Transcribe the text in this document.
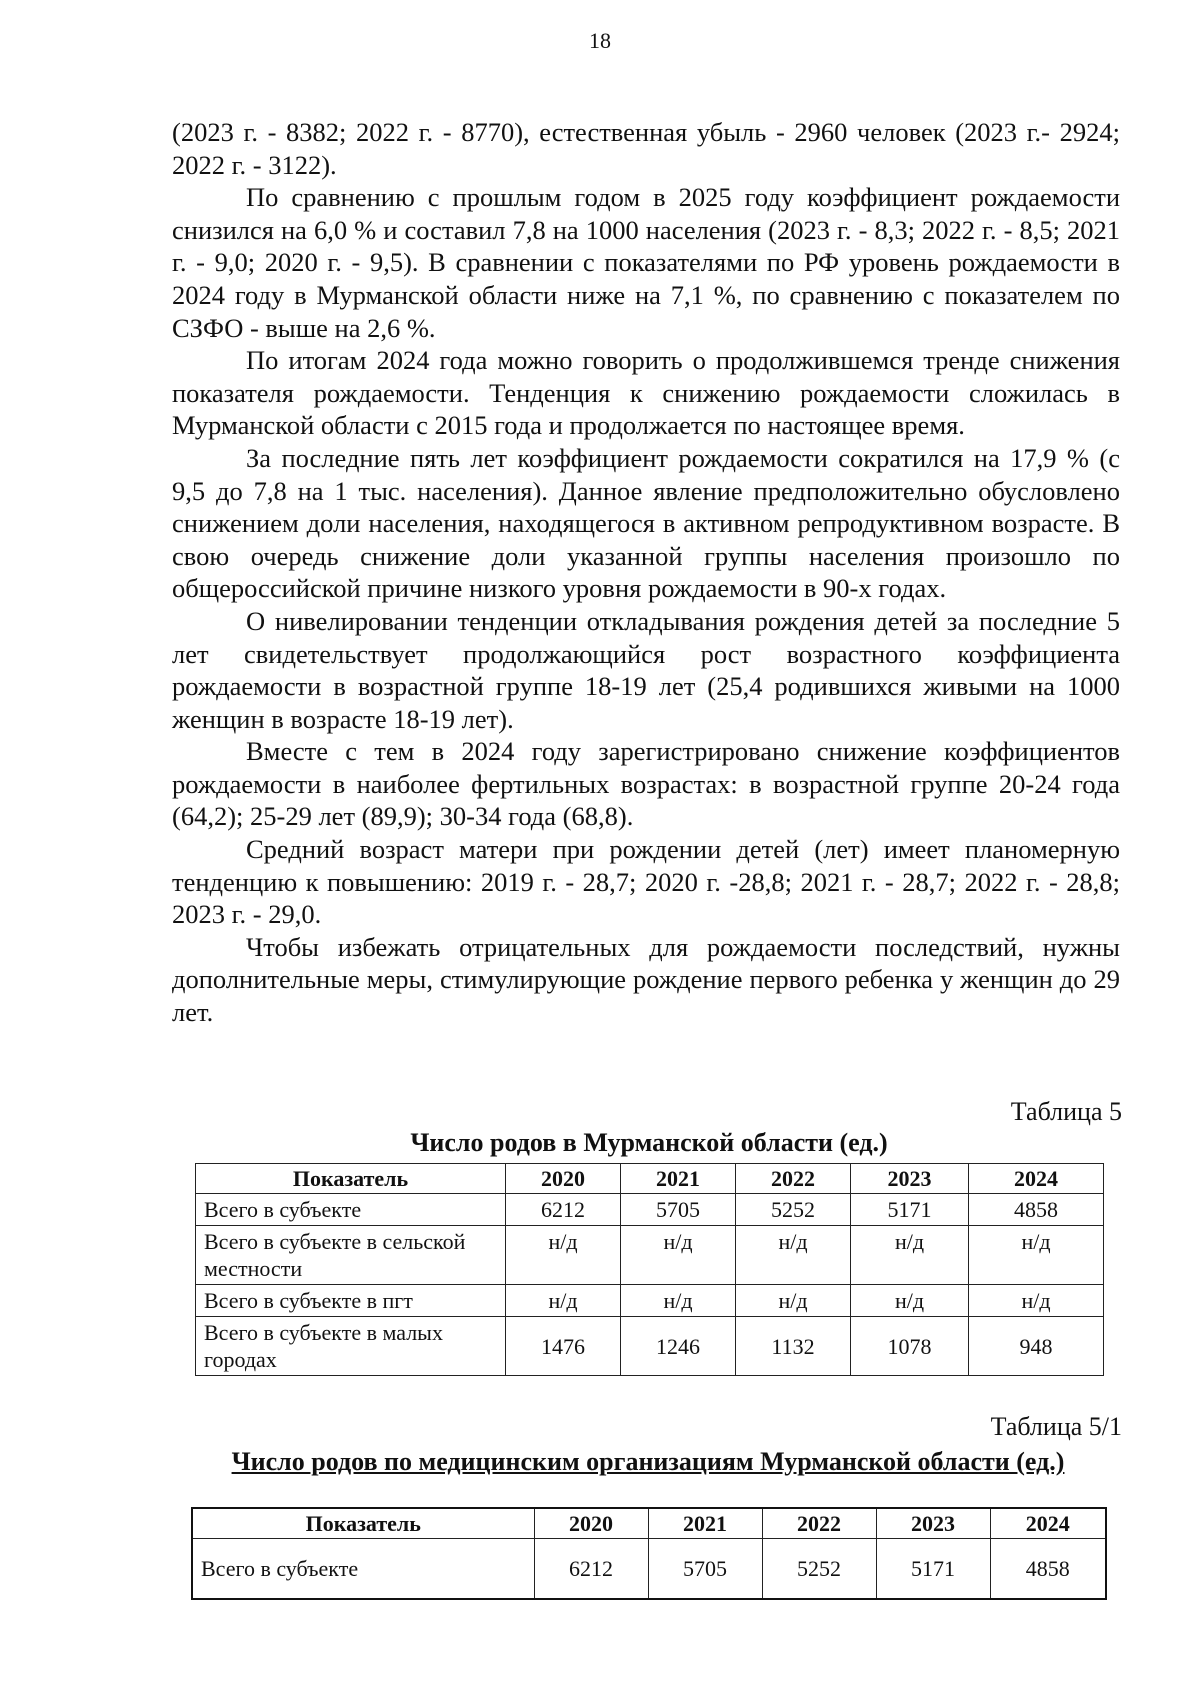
18

(2023 г. - 8382; 2022 г. - 8770), естественная убыль - 2960 человек (2023 г.- 2924; 2022 г. - 3122).

По сравнению с прошлым годом в 2025 году коэффициент рождаемости снизился на 6,0 % и составил 7,8 на 1000 населения (2023 г. - 8,3; 2022 г. - 8,5; 2021 г. - 9,0; 2020 г. - 9,5). В сравнении с показателями по РФ уровень рождаемости в 2024 году в Мурманской области ниже на 7,1 %, по сравнению с показателем по СЗФО - выше на 2,6 %.

По итогам 2024 года можно говорить о продолжившемся тренде снижения показателя рождаемости. Тенденция к снижению рождаемости сложилась в Мурманской области с 2015 года и продолжается по настоящее время.

За последние пять лет коэффициент рождаемости сократился на 17,9 % (с 9,5 до 7,8 на 1 тыс. населения). Данное явление предположительно обусловлено снижением доли населения, находящегося в активном репродуктивном возрасте. В свою очередь снижение доли указанной группы населения произошло по общероссийской причине низкого уровня рождаемости в 90-х годах.

О нивелировании тенденции откладывания рождения детей за последние 5 лет свидетельствует продолжающийся рост возрастного коэффициента рождаемости в возрастной группе 18-19 лет (25,4 родившихся живыми на 1000 женщин в возрасте 18-19 лет).

Вместе с тем в 2024 году зарегистрировано снижение коэффициентов рождаемости в наиболее фертильных возрастах: в возрастной группе 20-24 года (64,2); 25-29 лет (89,9); 30-34 года (68,8).

Средний возраст матери при рождении детей (лет) имеет планомерную тенденцию к повышению: 2019 г. - 28,7; 2020 г. -28,8; 2021 г. - 28,7; 2022 г. - 28,8; 2023 г. - 29,0.

Чтобы избежать отрицательных для рождаемости последствий, нужны дополнительные меры, стимулирующие рождение первого ребенка у женщин до 29 лет.

Таблица 5
Число родов в Мурманской области (ед.)
Показатель	2020	2021	2022	2023	2024
Всего в субъекте	6212	5705	5252	5171	4858
Всего в субъекте в сельской местности	н/д	н/д	н/д	н/д	н/д
Всего в субъекте в пгт	н/д	н/д	н/д	н/д	н/д
Всего в субъекте в малых городах	1476	1246	1132	1078	948
Таблица 5/1
Число родов по медицинским организациям Мурманской области (ед.)
Показатель	2020	2021	2022	2023	2024
Всего в субъекте	6212	5705	5252	5171	4858
